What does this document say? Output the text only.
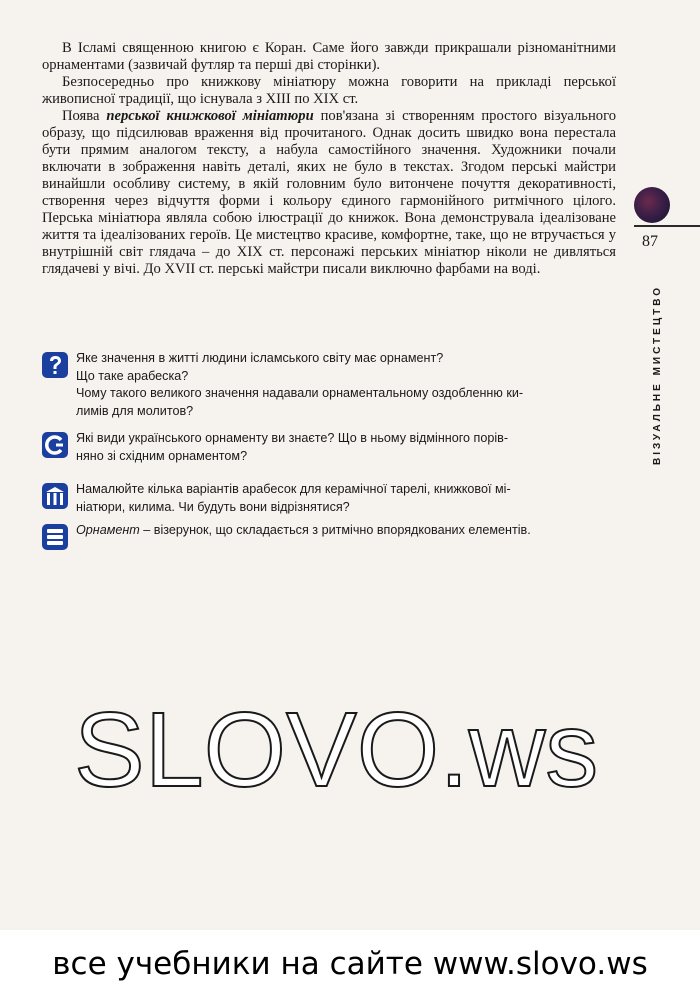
В Ісламі священною книгою є Коран. Саме його завжди прикрашали різноманітними орнаментами (зазвичай футляр та перші дві сторінки).

Безпосередньо про книжкову мініатюру можна говорити на прикладі перської живописної традиції, що існувала з XIII по XIX ст.

Поява перської книжкової мініатюри пов'язана зі створенням простого візуального образу, що підсилював враження від прочитаного. Однак досить швидко вона перестала бути прямим аналогом тексту, а набула самостійного значення. Художники почали включати в зображення навіть деталі, яких не було в текстах. Згодом перські майстри винайшли особливу систему, в якій головним було витончене почуття декоративності, створення через відчуття форми і кольору єдиного гармонійного ритмічного цілого. Перська мініатюра являла собою ілюстрації до книжок. Вона демонструвала ідеалізоване життя та ідеалізованих героїв. Це мистецтво красиве, комфортне, таке, що не втручається у внутрішній світ глядача – до XIX ст. персонажі перських мініатюр ніколи не дивляться глядачеві у вічі. До XVII ст. перські майстри писали виключно фарбами на воді.

Яке значення в житті людини ісламського світу має орнамент?
Що таке арабеска?
Чому такого великого значення надавали орнаментальному оздобленню ки-
лимів для молитов?
Які види українського орнаменту ви знаєте? Що в ньому відмінного порів-
няно зі східним орнаментом?
Намалюйте кілька варіантів арабесок для керамічної тарелі, книжкової мі-
ніатюри, килима. Чи будуть вони відрізнятися?
Орнамент – візерунок, що складається з ритмічно впорядкованих елементів.
87
ВІЗУАЛЬНЕ МИСТЕЦТВО
SLOVO.ws
все учебники на сайте www.slovo.ws
